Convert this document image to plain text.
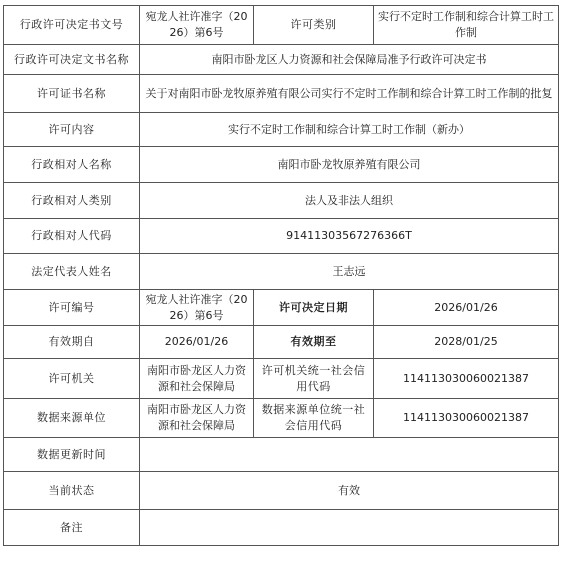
行政许可决定书文号	宛龙人社许准字（2026）第6号	许可类别	实行不定时工作制和综合计算工时工作制
行政许可决定文书名称	南阳市卧龙区人力资源和社会保障局准予行政许可决定书		
许可证书名称	关于对南阳市卧龙牧原养殖有限公司实行不定时工作制和综合计算工时工作制的批复		
许可内容	实行不定时工作制和综合计算工时工作制（新办）		
行政相对人名称	南阳市卧龙牧原养殖有限公司		
行政相对人类别	法人及非法人组织		
行政相对人代码	91411303567276366T		
法定代表人姓名	王志远		
许可编号	宛龙人社许准字（2026）第6号	许可决定日期	2026/01/26
有效期自	2026/01/26	有效期至	2028/01/25
许可机关	南阳市卧龙区人力资源和社会保障局	许可机关统一社会信用代码	114113030060021387
数据来源单位	南阳市卧龙区人力资源和社会保障局	数据来源单位统一社会信用代码	114113030060021387
数据更新时间			
当前状态	有效		
备注			
